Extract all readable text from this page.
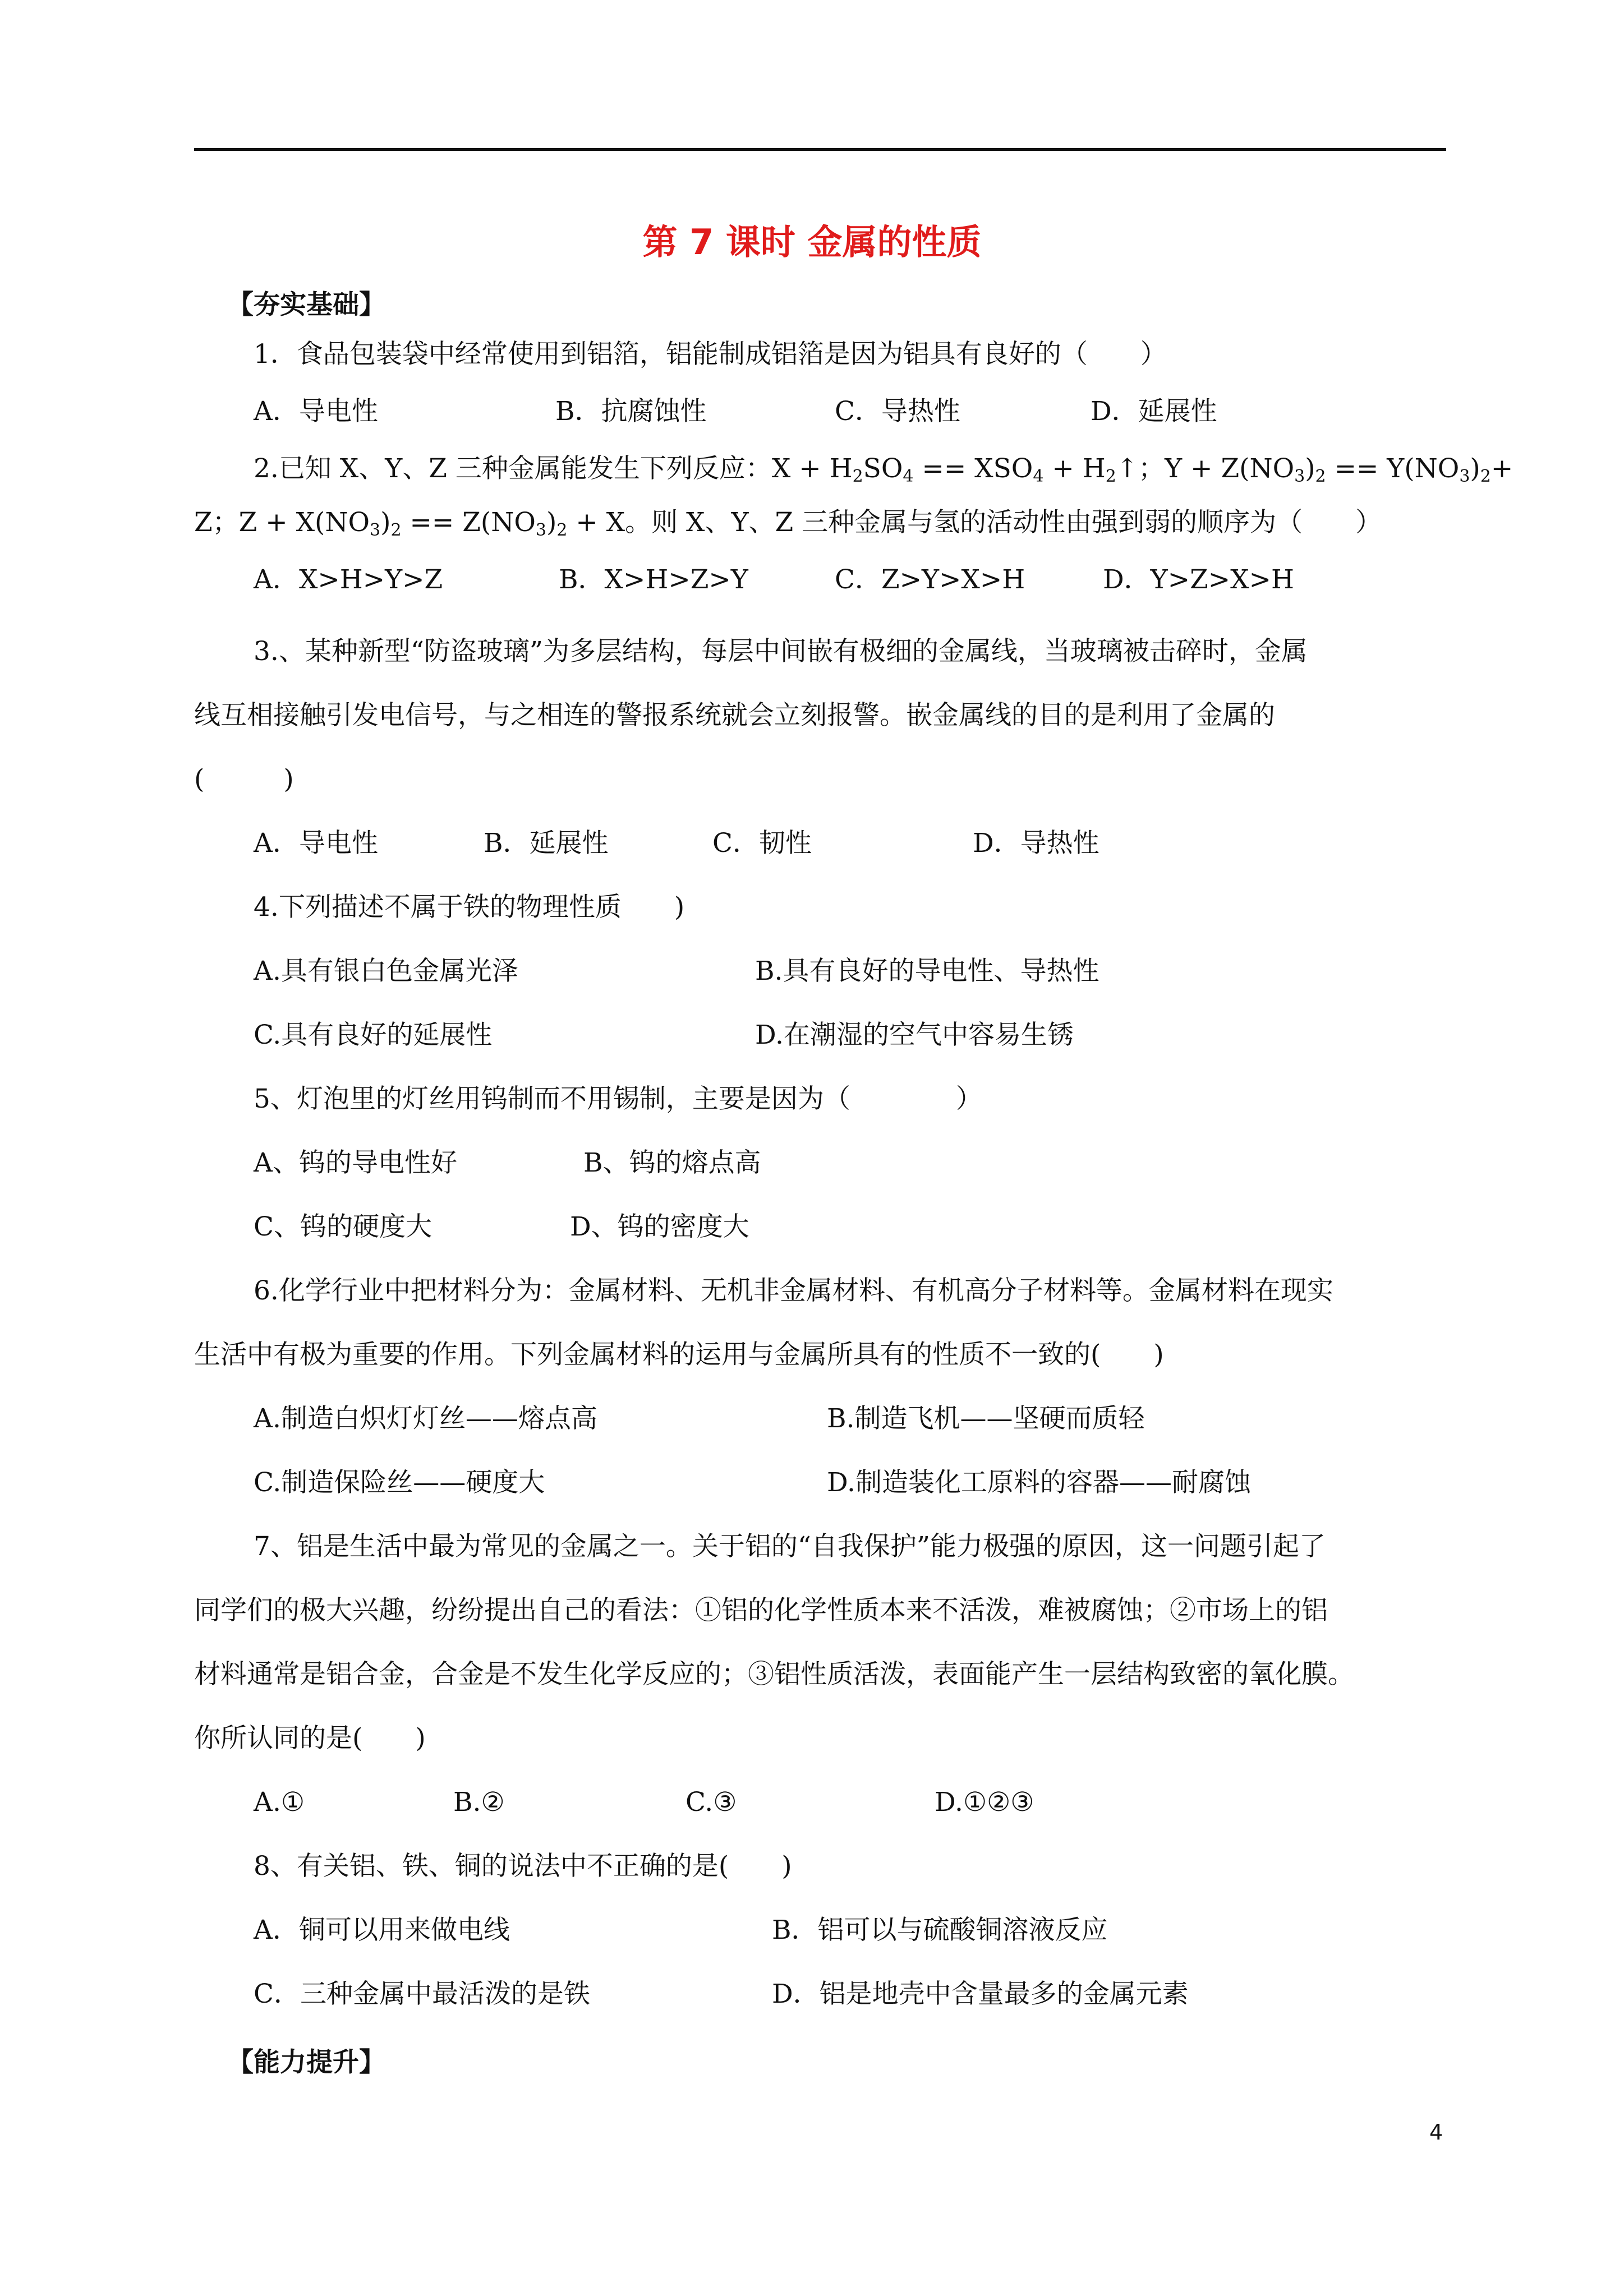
第 7 课时 金属的性质
【夯实基础】
1．食品包装袋中经常使用到铝箔，铝能制成铝箔是因为铝具有良好的（　　）
A．导电性	B．抗腐蚀性	C．导热性	D．延展性
2.已知 X、Y、Z 三种金属能发生下列反应：$X + H_2SO_4 == XSO_4$ + $H_2↑$；$Y + Z(NO_3)_2 == Y(NO_3)_2+$
Z；$Z + X(NO_3)_2 == Z(NO_3)_2 + X$。则 X、Y、Z 三种金属与氢的活动性由强到弱的顺序为（　　）
A．X>H>Y>Z	B．X>H>Z>Y	C．Z>Y>X>H	D．Y>Z>X>H
3.、某种新型“防盗玻璃”为多层结构，每层中间嵌有极细的金属线，当玻璃被击碎时，金属
线互相接触引发电信号，与之相连的警报系统就会立刻报警。嵌金属线的目的是利用了金属的
(　　　)
A．导电性	B．延展性	C．韧性	D．导热性
4.下列描述不属于铁的物理性质　　)
A.具有银白色金属光泽	B.具有良好的导电性、导热性
C.具有良好的延展性	D.在潮湿的空气中容易生锈
5、灯泡里的灯丝用钨制而不用锡制，主要是因为（　　　　）
A、钨的导电性好	B、钨的熔点高
C、钨的硬度大	D、钨的密度大
6.化学行业中把材料分为：金属材料、无机非金属材料、有机高分子材料等。金属材料在现实
生活中有极为重要的作用。下列金属材料的运用与金属所具有的性质不一致的(　　)
A.制造白炽灯灯丝——熔点高	B.制造飞机——坚硬而质轻
C.制造保险丝——硬度大	D.制造装化工原料的容器——耐腐蚀
7、铝是生活中最为常见的金属之一。关于铝的“自我保护”能力极强的原因，这一问题引起了
同学们的极大兴趣，纷纷提出自己的看法：①铝的化学性质本来不活泼，难被腐蚀；②市场上的铝
材料通常是铝合金，合金是不发生化学反应的；③铝性质活泼，表面能产生一层结构致密的氧化膜。
你所认同的是(　　)
A.①	B.②	C.③	D.①②③
8、有关铝、铁、铜的说法中不正确的是(　　)
A．铜可以用来做电线	B．铝可以与硫酸铜溶液反应
C．三种金属中最活泼的是铁	D．铝是地壳中含量最多的金属元素
【能力提升】
4
